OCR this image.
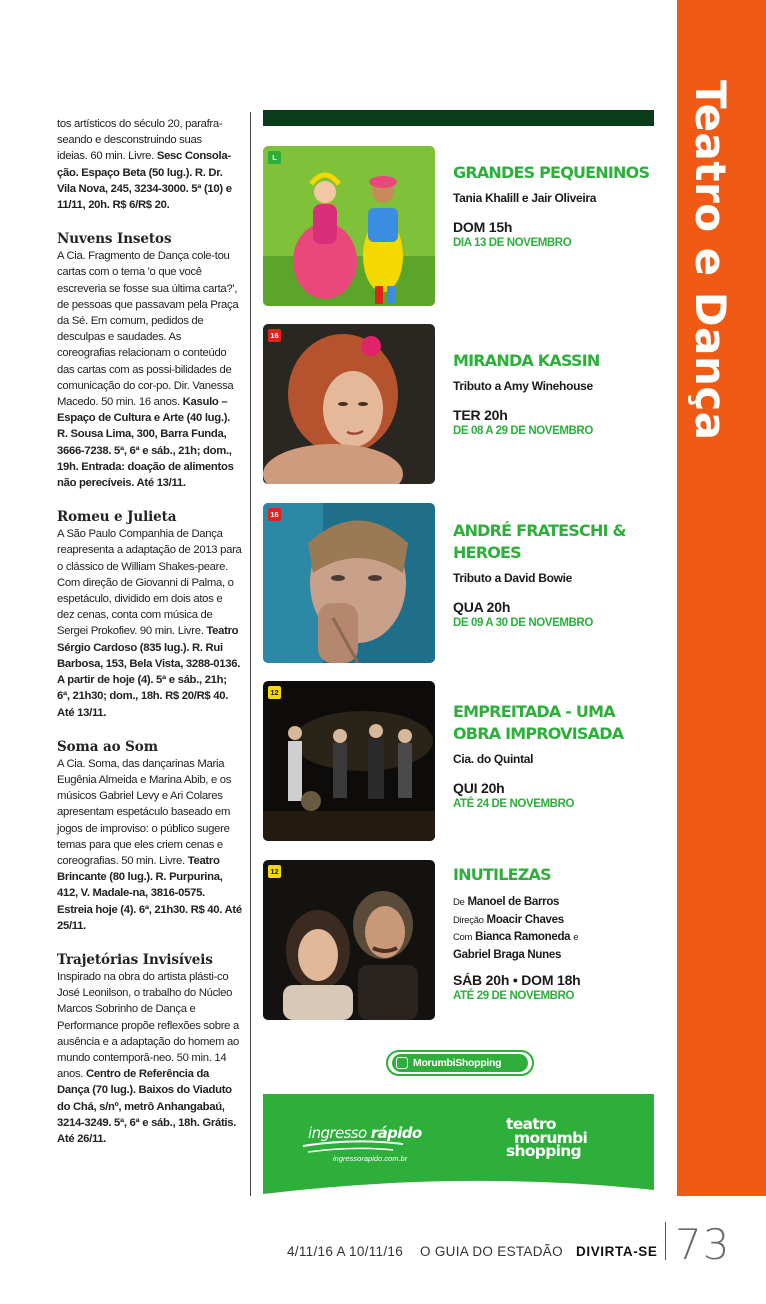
tos artísticos do século 20, parafra-

seando e desconstruindo suas

ideias. 60 min. Livre. Sesc Consola-ção. Espaço Beta (50 lug.). R. Dr. Vila Nova, 245, 3234-3000. 5ª (10) e 11/11, 20h. R$ 6/R$ 20.

Nuvens Insetos

A Cia. Fragmento de Dança cole-tou cartas com o tema 'o que você escreveria se fosse sua última carta?', de pessoas que passavam pela Praça da Sé. Em comum, pedidos de desculpas e saudades. As coreografias relacionam o conteúdo das cartas com as possi-bilidades de comunicação do cor-po. Dir. Vanessa Macedo. 50 min. 16 anos. Kasulo – Espaço de Cultura e Arte (40 lug.). R. Sousa Lima, 300, Barra Funda, 3666-7238. 5ª, 6ª e sáb., 21h; dom., 19h. Entrada: doação de alimentos não perecíveis. Até 13/11.

Romeu e Julieta

A São Paulo Companhia de Dança reapresenta a adaptação de 2013 para o clássico de William Shakes-peare. Com direção de Giovanni di Palma, o espetáculo, dividido em dois atos e dez cenas, conta com música de Sergei Prokofiev. 90 min. Livre. Teatro Sérgio Cardoso (835 lug.). R. Rui Barbosa, 153, Bela Vista, 3288-0136. A partir de hoje (4). 5ª e sáb., 21h; 6ª, 21h30; dom., 18h. R$ 20/R$ 40. Até 13/11.

Soma ao Som

A Cia. Soma, das dançarinas Maria Eugênia Almeida e Marina Abib, e os músicos Gabriel Levy e Ari Colares apresentam espetáculo baseado em jogos de improviso: o público sugere temas para que eles criem cenas e coreografias. 50 min. Livre. Teatro Brincante (80 lug.). R. Purpurina, 412, V. Madale-na, 3816-0575. Estreia hoje (4). 6ª, 21h30. R$ 40. Até 25/11.

Trajetórias Invisíveis

Inspirado na obra do artista plásti-co José Leonilson, o trabalho do Núcleo Marcos Sobrinho de Dança e Performance propõe reflexões sobre a ausência e a adaptação do homem ao mundo contemporâ-neo. 50 min. 14 anos. Centro de Referência da Dança (70 lug.). Baixos do Viaduto do Chá, s/nº, metrô Anhangabaú, 3214-3249. 5ª, 6ª e sáb., 18h. Grátis. Até 26/11.

Teatro e Dança
L
GRANDES PEQUENINOS
Tania Khalill e Jair Oliveira
DOM 15h
DIA 13 DE NOVEMBRO
16
MIRANDA KASSIN
Tributo a Amy Winehouse
TER 20h
DE 08 A 29 DE NOVEMBRO
16
ANDRÉ FRATESCHI & HEROES
Tributo a David Bowie
QUA 20h
DE 09 A 30 DE NOVEMBRO
12
EMPREITADA - UMA OBRA IMPROVISADA
Cia. do Quintal
QUI 20h
ATÉ 24 DE NOVEMBRO
12	INUTILEZAS
De Manoel de Barros
Direção Moacir Chaves
Com Bianca Ramoneda e
Gabriel Braga Nunes
SÁB 20h • DOM 18h
ATÉ 29 DE NOVEMBRO
MorumbiShopping
ingresso rápido
ingressorapido.com.br
teatro
morumbi
shopping
4/11/16 A 10/11/16 O GUIA DO ESTADÃO DIVIRTA-SE 73
